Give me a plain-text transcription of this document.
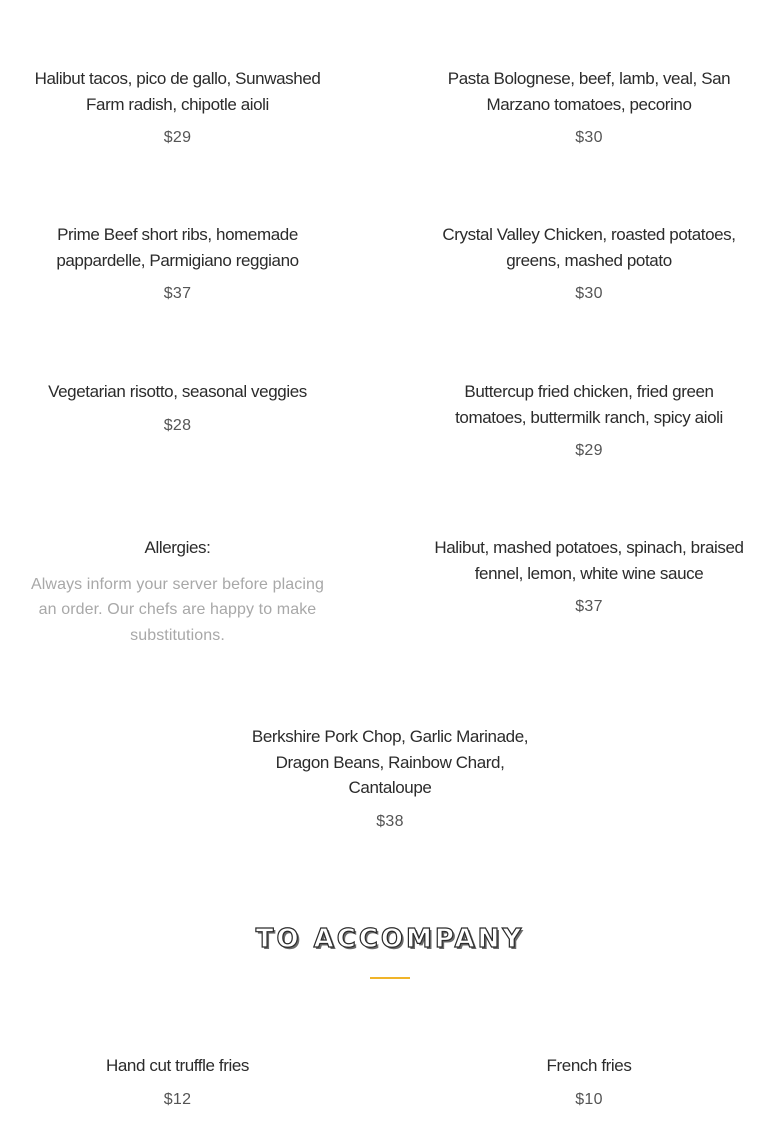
Halibut tacos, pico de gallo, Sunwashed Farm radish, chipotle aioli
$29
Prime Beef short ribs, homemade pappardelle, Parmigiano reggiano
$37
Vegetarian risotto, seasonal veggies
$28
Allergies:
Always inform your server before placing an order. Our chefs are happy to make substitutions.
Pasta Bolognese, beef, lamb, veal, San Marzano tomatoes, pecorino
$30
Crystal Valley Chicken, roasted potatoes, greens, mashed potato
$30
Buttercup fried chicken, fried green tomatoes, buttermilk ranch, spicy aioli
$29
Halibut, mashed potatoes, spinach, braised fennel, lemon, white wine sauce
$37
Berkshire Pork Chop, Garlic Marinade, Dragon Beans, Rainbow Chard, Cantaloupe
$38
TO ACCOMPANY
Hand cut truffle fries
$12
French fries
$10
